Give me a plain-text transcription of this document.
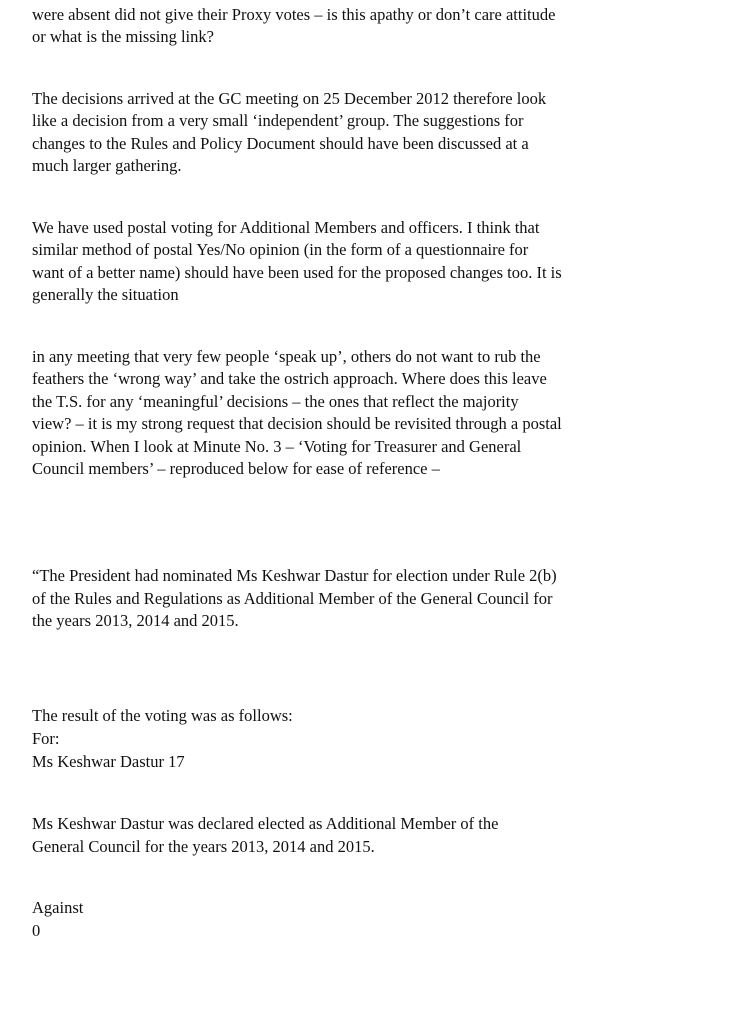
were absent did not give their Proxy votes – is this apathy or don’t care attitude

or what is the missing link?

The decisions arrived at the GC meeting on 25 December 2012 therefore look

like a decision from a very small ‘independent’ group. The suggestions for

changes to the Rules and Policy Document should have been discussed at a

much larger gathering.

We have used postal voting for Additional Members and officers. I think that

similar method of postal Yes/No opinion (in the form of a questionnaire for

want of a better name) should have been used for the proposed changes too. It is

generally the situation

in any meeting that very few people ‘speak up’, others do not want to rub the

feathers the ‘wrong way’ and take the ostrich approach. Where does this leave

the T.S. for any ‘meaningful’ decisions – the ones that reflect the majority

view? – it is my strong request that decision should be revisited through a postal

opinion. When I look at Minute No. 3 – ‘Voting for Treasurer and General

Council members’ – reproduced below for ease of reference –

“The President had nominated Ms Keshwar Dastur for election under Rule 2(b)

of the Rules and Regulations as Additional Member of the General Council for

the years 2013, 2014 and 2015.

The result of the voting was as follows:

For:

Ms Keshwar Dastur 17

Ms Keshwar Dastur was declared elected as Additional Member of the

General Council for the years 2013, 2014 and 2015.

Against

0
